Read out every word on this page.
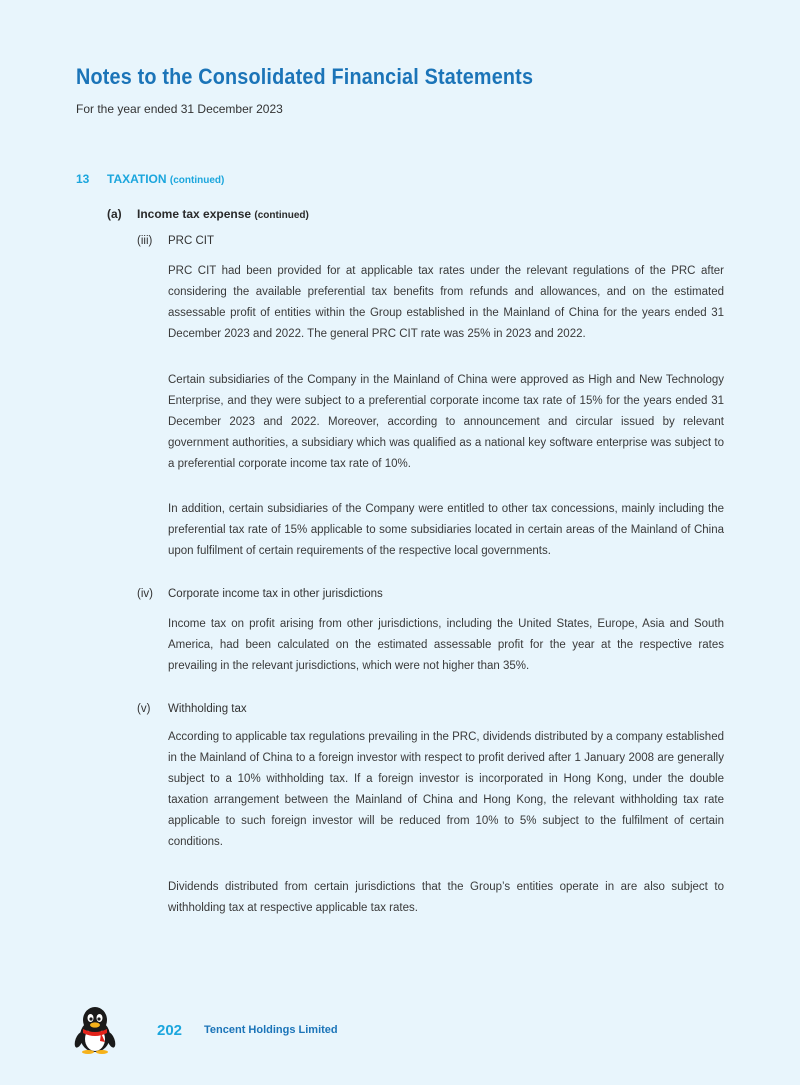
Notes to the Consolidated Financial Statements
For the year ended 31 December 2023
13 TAXATION (continued)
(a) Income tax expense (continued)
(iii) PRC CIT

PRC CIT had been provided for at applicable tax rates under the relevant regulations of the PRC after considering the available preferential tax benefits from refunds and allowances, and on the estimated assessable profit of entities within the Group established in the Mainland of China for the years ended 31 December 2023 and 2022. The general PRC CIT rate was 25% in 2023 and 2022.

Certain subsidiaries of the Company in the Mainland of China were approved as High and New Technology Enterprise, and they were subject to a preferential corporate income tax rate of 15% for the years ended 31 December 2023 and 2022. Moreover, according to announcement and circular issued by relevant government authorities, a subsidiary which was qualified as a national key software enterprise was subject to a preferential corporate income tax rate of 10%.

In addition, certain subsidiaries of the Company were entitled to other tax concessions, mainly including the preferential tax rate of 15% applicable to some subsidiaries located in certain areas of the Mainland of China upon fulfilment of certain requirements of the respective local governments.

(iv) Corporate income tax in other jurisdictions

Income tax on profit arising from other jurisdictions, including the United States, Europe, Asia and South America, had been calculated on the estimated assessable profit for the year at the respective rates prevailing in the relevant jurisdictions, which were not higher than 35%.

(v) Withholding tax

According to applicable tax regulations prevailing in the PRC, dividends distributed by a company established in the Mainland of China to a foreign investor with respect to profit derived after 1 January 2008 are generally subject to a 10% withholding tax. If a foreign investor is incorporated in Hong Kong, under the double taxation arrangement between the Mainland of China and Hong Kong, the relevant withholding tax rate applicable to such foreign investor will be reduced from 10% to 5% subject to the fulfilment of certain conditions.

Dividends distributed from certain jurisdictions that the Group’s entities operate in are also subject to withholding tax at respective applicable tax rates.

202 Tencent Holdings Limited
